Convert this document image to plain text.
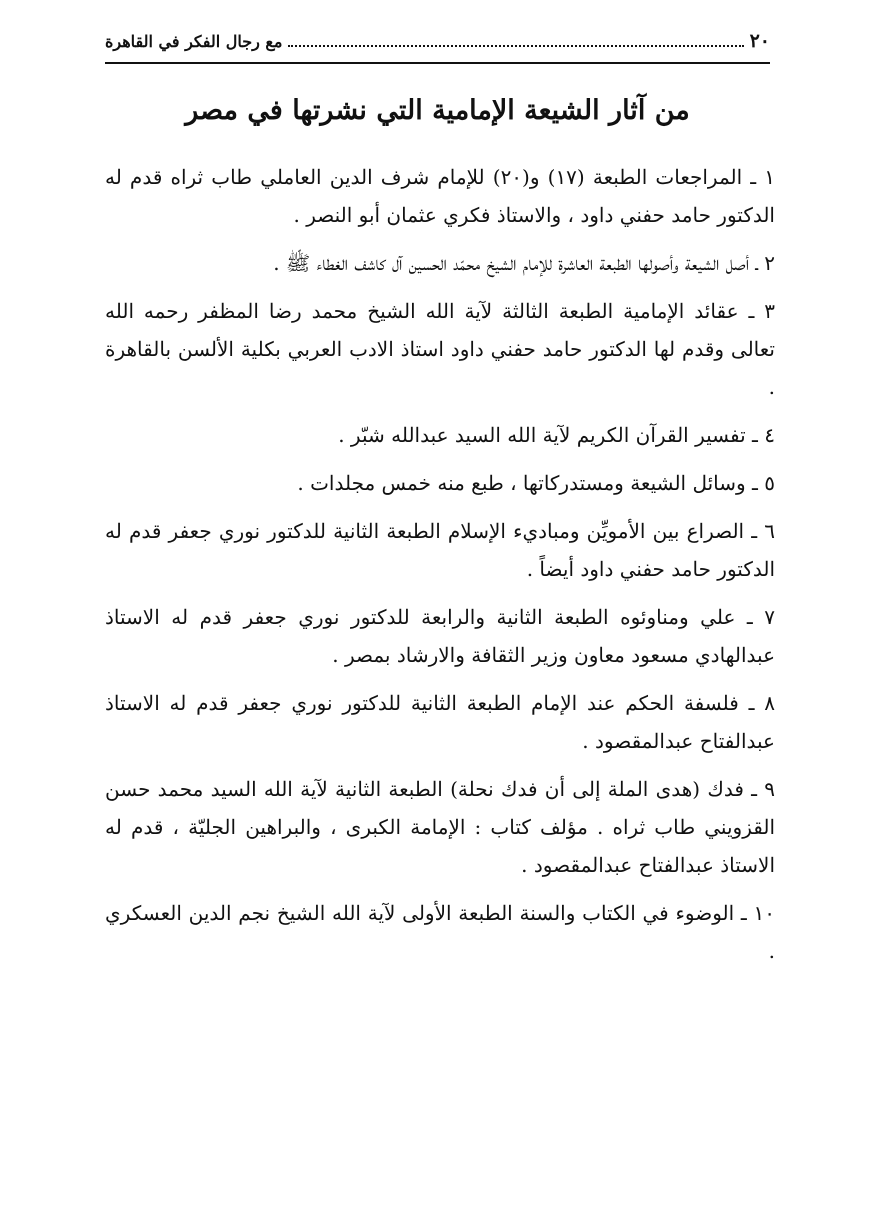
٢٠
مع رجال الفكر في القاهرة
من آثار الشيعة الإمامية التي نشرتها في مصر

١ ـ المراجعات الطبعة (١٧) و(٢٠) للإمام شرف الدين العاملي طاب ثراه قدم له الدكتور حامد حفني داود ، والاستاذ فكري عثمان أبو النصر .

٢ ـ أصل الشيعة وأصولها الطبعة العاشرة للإمام الشيخ محمّد الحسين آل كاشف الغطاء ﷺ .

٣ ـ عقائد الإمامية الطبعة الثالثة لآية الله الشيخ محمد رضا المظفر رحمه الله تعالى وقدم لها الدكتور حامد حفني داود استاذ الادب العربي بكلية الألسن بالقاهرة .

٤ ـ تفسير القرآن الكريم لآية الله السيد عبدالله شبّر .

٥ ـ وسائل الشيعة ومستدركاتها ، طبع منه خمس مجلدات .

٦ ـ الصراع بين الأمويِّن ومباديء الإسلام الطبعة الثانية للدكتور نوري جعفر قدم له الدكتور حامد حفني داود أيضاً .

٧ ـ علي ومناوئوه الطبعة الثانية والرابعة للدكتور نوري جعفر قدم له الاستاذ عبدالهادي مسعود معاون وزير الثقافة والارشاد بمصر .

٨ ـ فلسفة الحكم عند الإمام الطبعة الثانية للدكتور نوري جعفر قدم له الاستاذ عبدالفتاح عبدالمقصود .

٩ ـ فدك (هدى الملة إلى أن فدك نحلة) الطبعة الثانية لآية الله السيد محمد حسن القزويني طاب ثراه . مؤلف كتاب : الإمامة الكبرى ، والبراهين الجليّة ، قدم له الاستاذ عبدالفتاح عبدالمقصود .

١٠ ـ الوضوء في الكتاب والسنة الطبعة الأولى لآية الله الشيخ نجم الدين العسكري .
